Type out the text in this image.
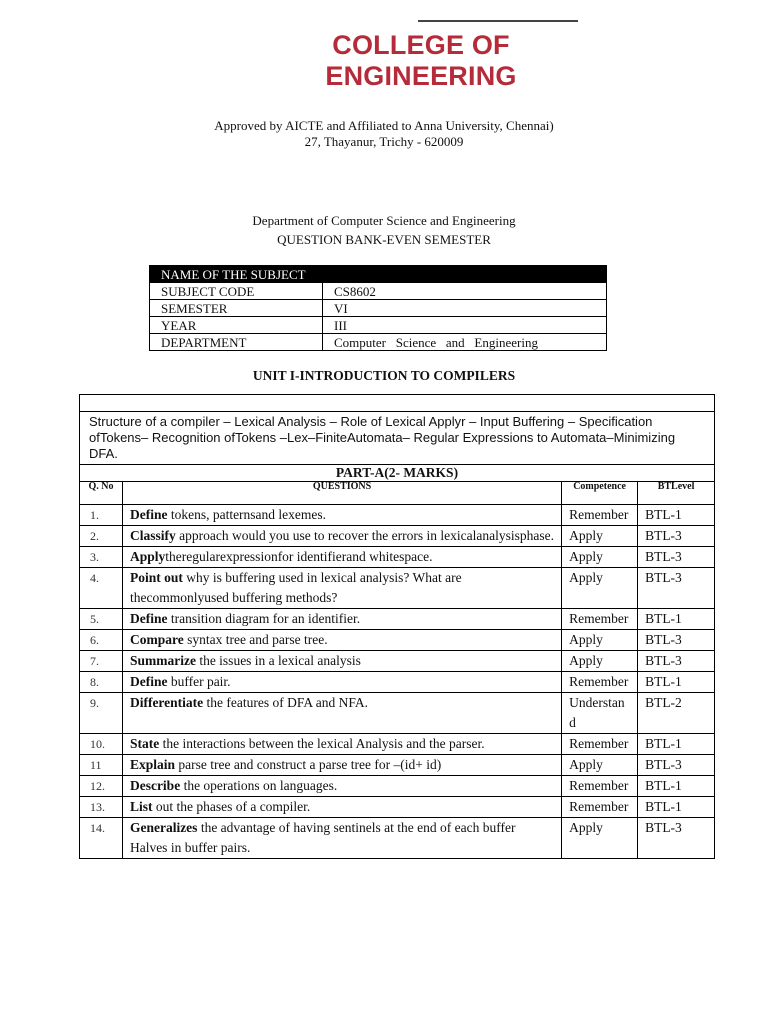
COLLEGE OF ENGINEERING
Approved by AICTE and Affiliated to Anna University, Chennai)
27, Thayanur, Trichy - 620009
Department of Computer Science and Engineering
QUESTION BANK-EVEN SEMESTER
NAME OF THE SUBJECT	
SUBJECT CODE	CS8602
SEMESTER	VI
YEAR	III
DEPARTMENT	Computer   Science   and   Engineering
UNIT I-INTRODUCTION TO COMPILERS

Structure of a compiler – Lexical Analysis – Role of Lexical Applyr – Input Buffering – Specification ofTokens– Recognition ofTokens –Lex–FiniteAutomata– Regular Expressions to Automata–Minimizing DFA.			
PART-A(2- MARKS)			
Q. No	QUESTIONS	Competence	BTLevel
1.	Define tokens, patternsand lexemes.	Remember	BTL-1
2.	Classify approach would you use to recover the errors in lexicalanalysisphase.	Apply	BTL-3
3.	Applytheregularexpressionfor identifierand whitespace.	Apply	BTL-3
4.	Point out why is buffering used in lexical analysis? What are thecommonlyused buffering methods?	Apply	BTL-3
5.	Define transition diagram for an identifier.	Remember	BTL-1
6.	Compare syntax tree and parse tree.	Apply	BTL-3
7.	Summarize the issues in a lexical analysis	Apply	BTL-3
8.	Define buffer pair.	Remember	BTL-1
9.	Differentiate the features of DFA and NFA.	Understand	BTL-2
10.	State the interactions between the lexical Analysis and the parser.	Remember	BTL-1
11	Explain parse tree and construct a parse tree for –(id+ id)	Apply	BTL-3
12.	Describe the operations on languages.	Remember	BTL-1
13.	List out the phases of a compiler.	Remember	BTL-1
14.	Generalizes the advantage of having sentinels at the end of each buffer
Halves in buffer pairs.	Apply	BTL-3
